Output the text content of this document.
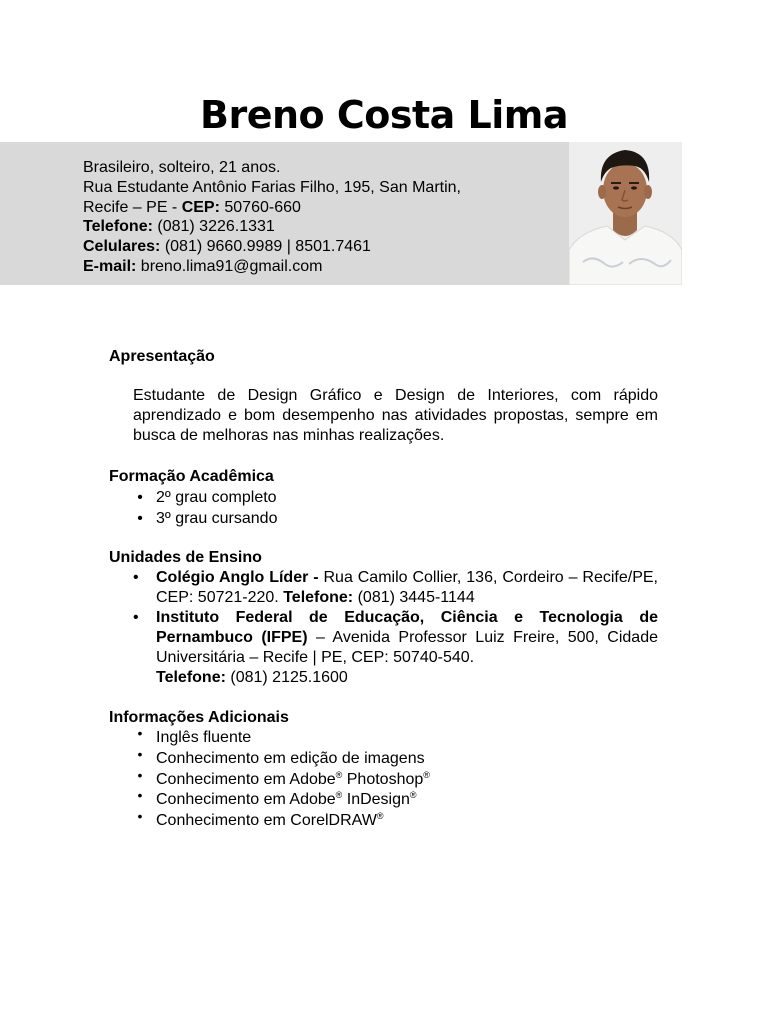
Breno Costa Lima
Brasileiro, solteiro, 21 anos.
Rua Estudante Antônio Farias Filho, 195, San Martin,
Recife – PE - CEP: 50760-660
Telefone: (081) 3226.1331
Celulares: (081) 9660.9989 | 8501.7461
E-mail: breno.lima91@gmail.com

Apresentação

Estudante de Design Gráfico e Design de Interiores, com rápido aprendizado e bom desempenho nas atividades propostas, sempre em busca de melhoras nas minhas realizações.

Formação Acadêmica

• 2º grau completo
• 3º grau cursando

Unidades de Ensino

•	Colégio Anglo Líder - Rua Camilo Collier, 136, Cordeiro – Recife/PE, CEP: 50721-220. Telefone: (081) 3445-1144
•	Instituto Federal de Educação, Ciência e Tecnologia de Pernambuco (IFPE) – Avenida Professor Luiz Freire, 500, Cidade Universitária – Recife | PE, CEP: 50740-540.
Telefone: (081) 2125.1600

Informações Adicionais

• Inglês fluente
• Conhecimento em edição de imagens
• Conhecimento em Adobe® Photoshop®
• Conhecimento em Adobe® InDesign®
• Conhecimento em CorelDRAW®
